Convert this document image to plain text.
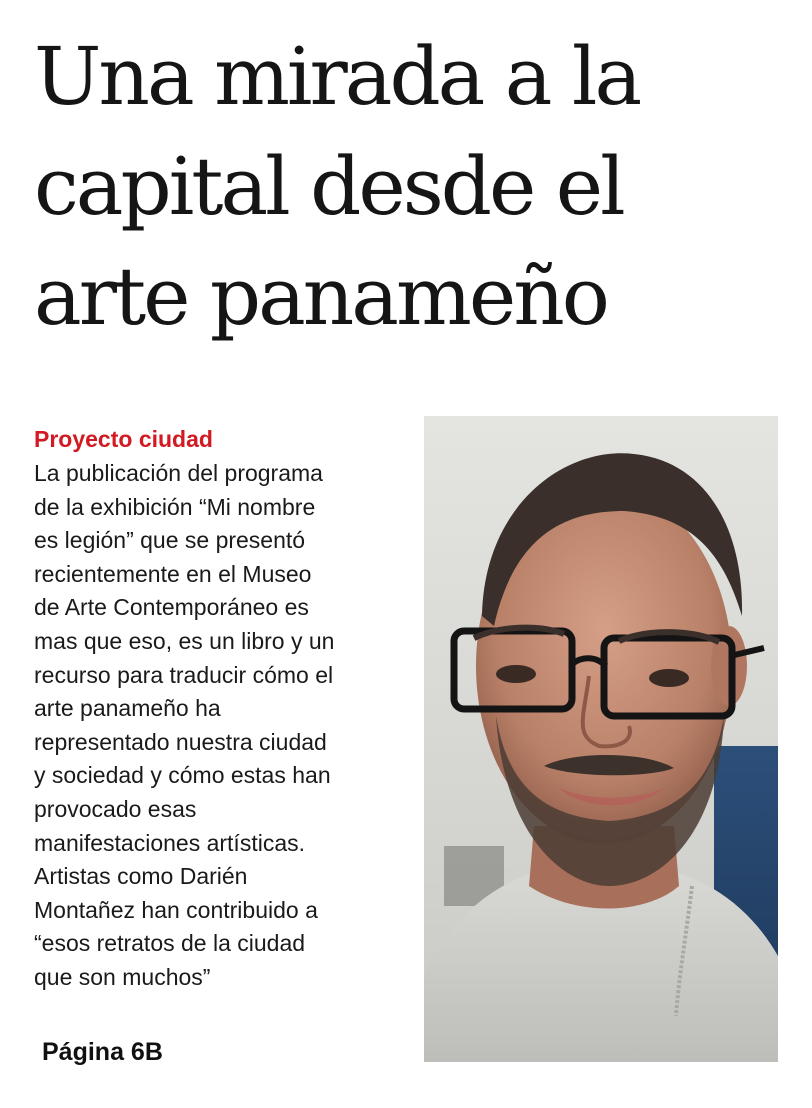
Una mirada a la
capital desde el
arte panameño
Proyecto ciudad

La publicación del programa
de la exhibición “Mi nombre
es legión” que se presentó
recientemente en el Museo
de Arte Contemporáneo es
mas que eso, es un libro y un
recurso para traducir cómo el
arte panameño ha
representado nuestra ciudad
y sociedad y cómo estas han
provocado esas
manifestaciones artísticas.
Artistas como Darién
Montañez han contribuido a
“esos retratos de la ciudad
que son muchos”

Página 6B
